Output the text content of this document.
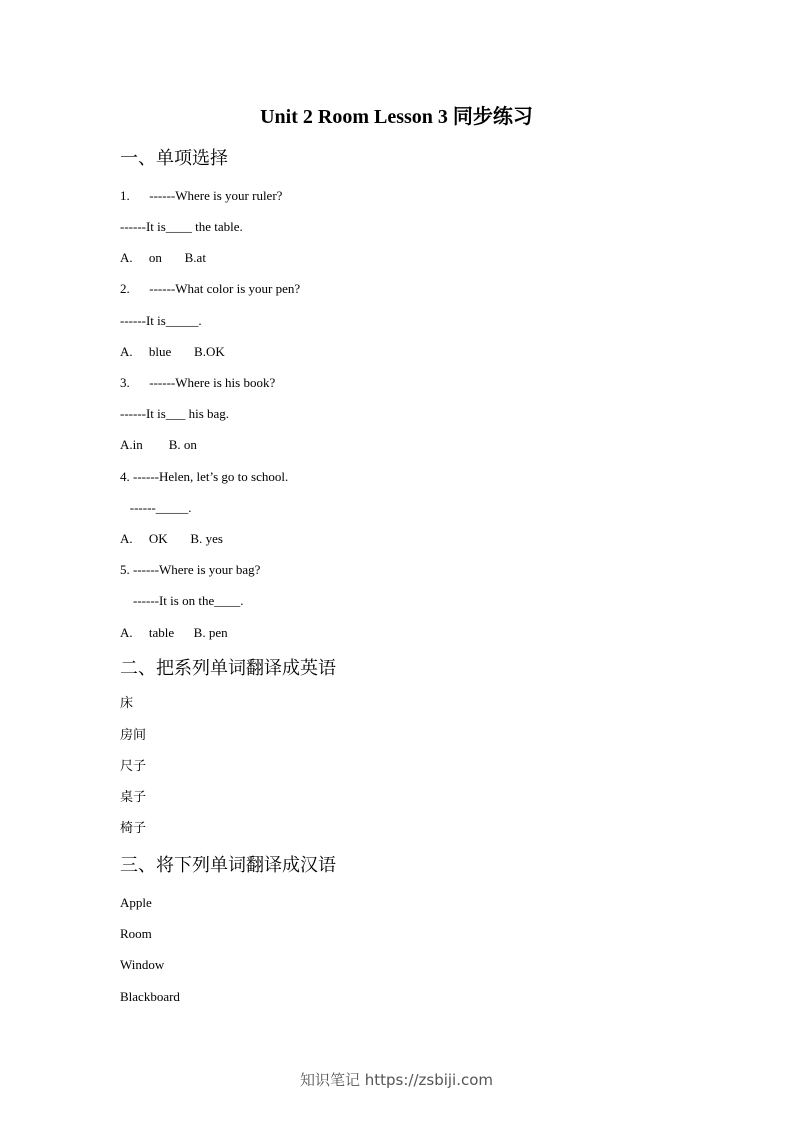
Unit 2 Room Lesson 3 同步练习
一、单项选择
1.      ------Where is your ruler?
------It is____ the table.
A.     on       B.at
2.      ------What color is your pen?
------It is_____.
A.     blue       B.OK
3.      ------Where is his book?
------It is___ his bag.
A.in        B. on
4. ------Helen, let’s go to school.
------_____.
A.     OK       B. yes
5. ------Where is your bag?
------It is on the____.
A.     table      B. pen
二、把系列单词翻译成英语
床
房间
尺子
桌子
椅子
三、将下列单词翻译成汉语
Apple
Room
Window
Blackboard
知识笔记 https://zsbiji.com
